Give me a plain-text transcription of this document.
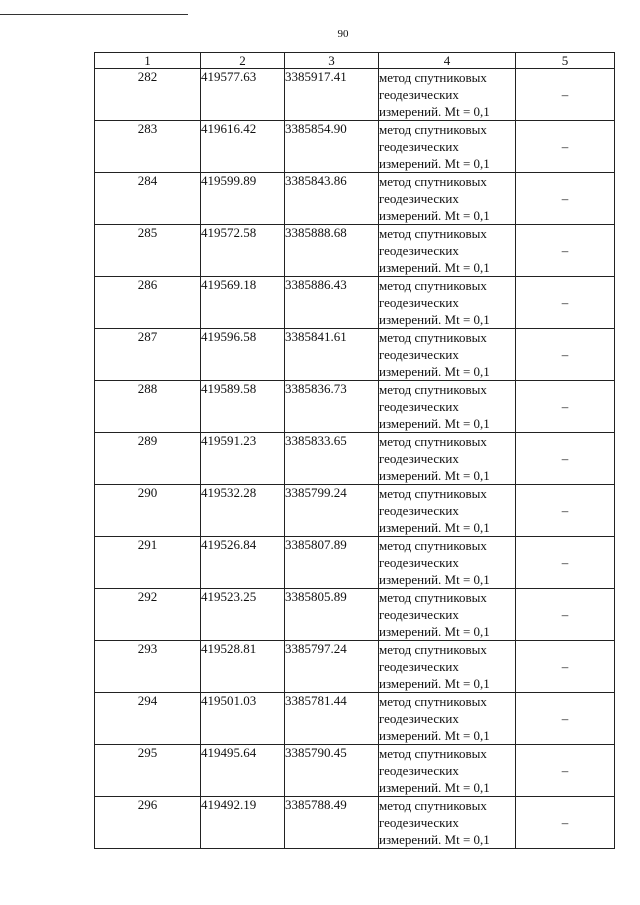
90
1	2	3	4	5
282	419577.63	3385917.41	метод спутниковых геодезических измерений. Mt = 0,1	–
283	419616.42	3385854.90	метод спутниковых геодезических измерений. Mt = 0,1	–
284	419599.89	3385843.86	метод спутниковых геодезических измерений. Mt = 0,1	–
285	419572.58	3385888.68	метод спутниковых геодезических измерений. Mt = 0,1	–
286	419569.18	3385886.43	метод спутниковых геодезических измерений. Mt = 0,1	–
287	419596.58	3385841.61	метод спутниковых геодезических измерений. Mt = 0,1	–
288	419589.58	3385836.73	метод спутниковых геодезических измерений. Mt = 0,1	–
289	419591.23	3385833.65	метод спутниковых геодезических измерений. Mt = 0,1	–
290	419532.28	3385799.24	метод спутниковых геодезических измерений. Mt = 0,1	–
291	419526.84	3385807.89	метод спутниковых геодезических измерений. Mt = 0,1	–
292	419523.25	3385805.89	метод спутниковых геодезических измерений. Mt = 0,1	–
293	419528.81	3385797.24	метод спутниковых геодезических измерений. Mt = 0,1	–
294	419501.03	3385781.44	метод спутниковых геодезических измерений. Mt = 0,1	–
295	419495.64	3385790.45	метод спутниковых геодезических измерений. Mt = 0,1	–
296	419492.19	3385788.49	метод спутниковых геодезических измерений. Mt = 0,1	–
